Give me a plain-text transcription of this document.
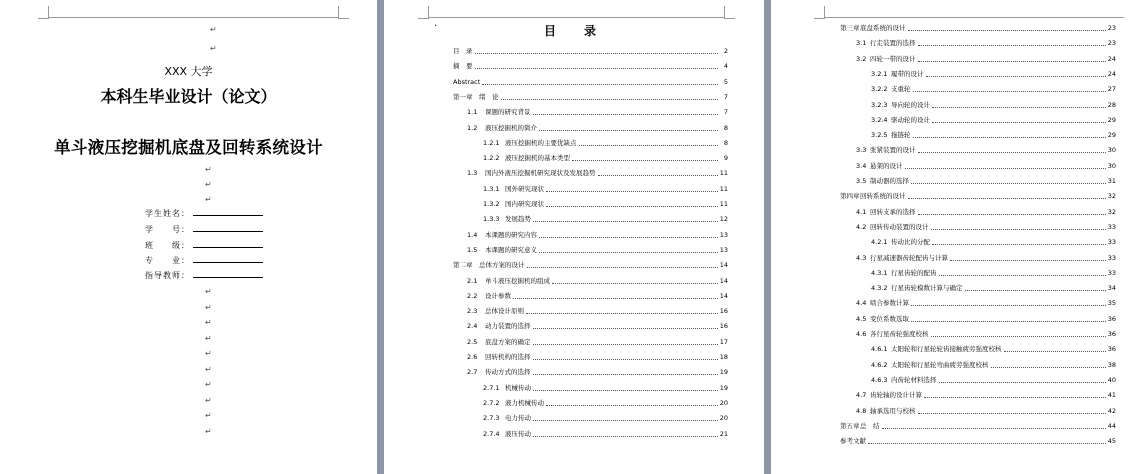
↵
↵
XXX 大学
本科生毕业设计（论文）
单斗液压挖掘机底盘及回转系统设计
↵
↵
↵
学生姓名：
学　　号：
班　　级：
专　　业：
指导教师：
↵
↵
↵
↵
↵
↵
↵
↵
↵
↵
·	目　录
目　录	2
摘　要	4
Abstract	5
第一章	绪　论	7
1.1	课题的研究背景	7
1.2	液压挖掘机的简介	8
1.2.1 液压挖掘机的主要优缺点	8
1.2.2 液压挖掘机的基本类型	9
1.3	国内外液压挖掘机研究现状及发展趋势	11
1.3.1 国外研究现状	11
1.3.2 国内研究现状	11
1.3.3 发展趋势	12
1.4	本课题的研究内容	13
1.5	本课题的研究意义	13
第二章	总体方案的设计	14
2.1	单斗液压挖掘机的组成	14
2.2	设计参数	14
2.3	总体设计原则	16
2.4	动力装置的选择	16
2.5	底盘方案的确定	17
2.6	回转机构的选择	18
2.7	传动方式的选择	19
2.7.1 机械传动	19
2.7.2 液力机械传动	20
2.7.3 电力传动	20
2.7.4 液压传动	21
第三章 底盘系统的设计	23
3.1 行走装置的选择	23
3.2 四轮一带的设计	24
3.2.1 履带的设计	24
3.2.2 支重轮	27
3.2.3 导向轮的设计	28
3.2.4 驱动轮的设计	29
3.2.5 拖链轮	29
3.3 张紧装置的设计	30
3.4 悬架的设计	30
3.5 制动器的选择	31
第四章 回转系统的设计	32
4.1 回转支承的选择	32
4.2 回转传动装置的设计	33
4.2.1 传动比的分配	33
4.3 行星减速器齿轮配齿与计算	33
4.3.1 行星齿轮的配齿	33
4.3.2 行星齿轮模数计算与确定	34
4.4 啮合参数计算	35
4.5 变位系数选取	36
4.6 各行星齿轮强度校核	36
4.6.1 太阳轮和行星轮轮齿接触疲劳强度校核	36
4.6.2 太阳轮和行星轮弯曲疲劳强度校核	38
4.6.3 内齿轮材料选择	40
4.7 齿轮轴的设计计算	41
4.8 轴承选用与校核	42
第五章 总　结	44
参考文献	45
